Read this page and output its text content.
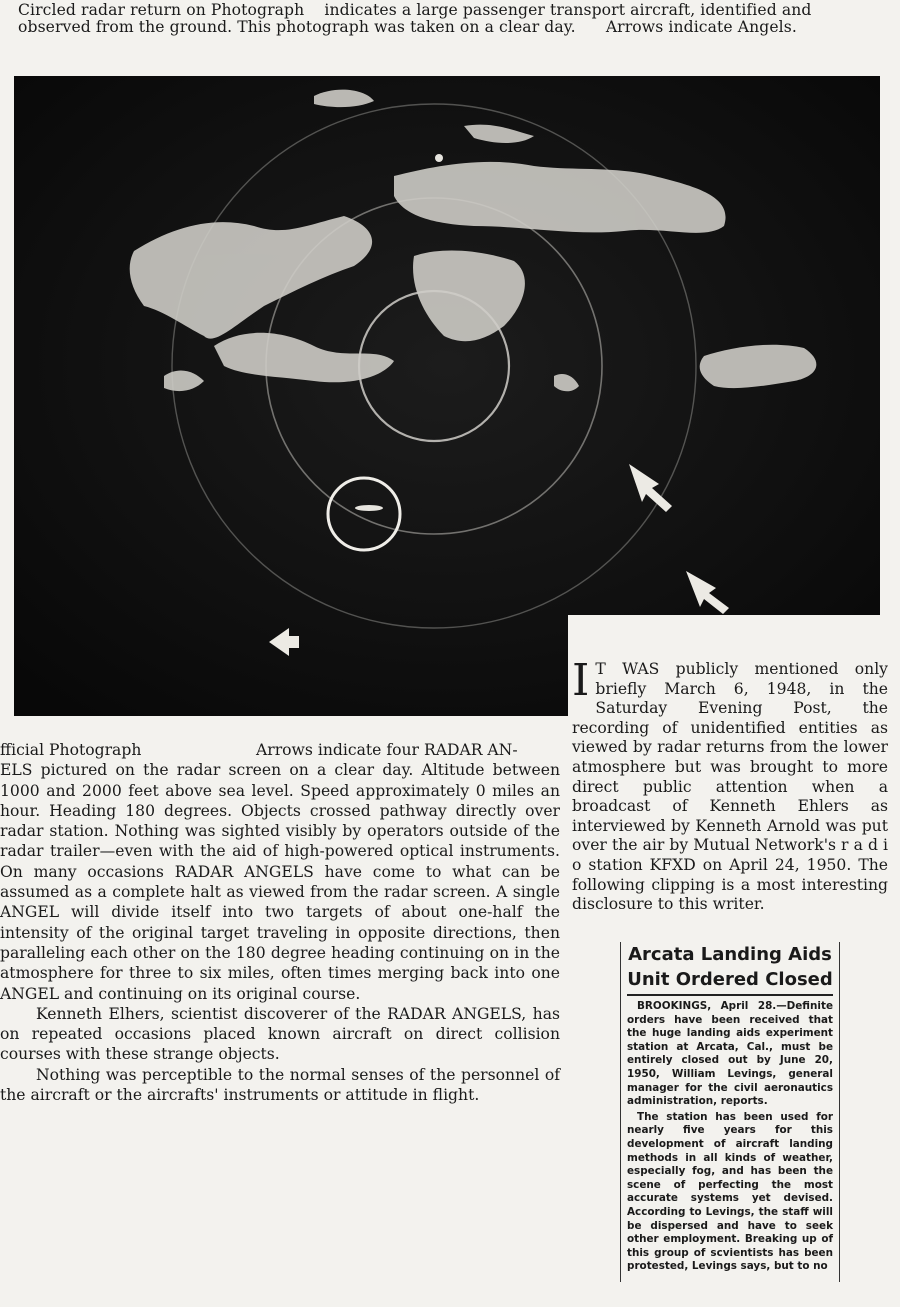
Circled radar return on Photograph indicates a large passenger transport aircraft, identified and
observed from the ground. This photograph was taken on a clear day. Arrows indicate Angels.
fficial Photograph	Arrows indicate four RADAR AN-

ELS pictured on the radar screen on a clear day. Altitude between 1000 and 2000 feet above sea level. Speed approximately 0 miles an hour. Heading 180 degrees. Objects crossed pathway directly over radar station. Nothing was sighted visibly by operators outside of the radar trailer—even with the aid of high-powered optical instruments. On many occasions RADAR ANGELS have come to what can be assumed as a complete halt as viewed from the radar screen. A single ANGEL will divide itself into two targets of about one-half the intensity of the original target traveling in opposite directions, then paralleling each other on the 180 degree heading continuing on in the atmosphere for three to six miles, often times merging back into one ANGEL and continuing on its original course.

Kenneth Elhers, scientist discoverer of the RADAR ANGELS, has on repeated occasions placed known aircraft on direct collision courses with these strange objects.

Nothing was perceptible to the normal senses of the personnel of the aircraft or the aircrafts' instruments or attitude in flight.

I T WAS publicly mentioned only briefly March 6, 1948, in the Saturday Evening Post, the recording of unidentified entities as viewed by radar returns from the lower atmosphere but was brought to more direct public attention when a broadcast of Kenneth Ehlers as interviewed by Kenneth Arnold was put over the air by Mutual Network's r a d i o station KFXD on April 24, 1950. The following clipping is a most interesting disclosure to this writer.

Arcata Landing Aids
Unit Ordered Closed

BROOKINGS, April 28.—Definite orders have been received that the huge landing aids experiment station at Arcata, Cal., must be entirely closed out by June 20, 1950, William Levings, general manager for the civil aeronautics administration, reports.

The station has been used for nearly five years for this development of aircraft landing methods in all kinds of weather, especially fog, and has been the scene of perfecting the most accurate systems yet devised. According to Levings, the staff will be dispersed and have to seek other employment. Breaking up of this group of scvientists has been protested, Levings says, but to no
